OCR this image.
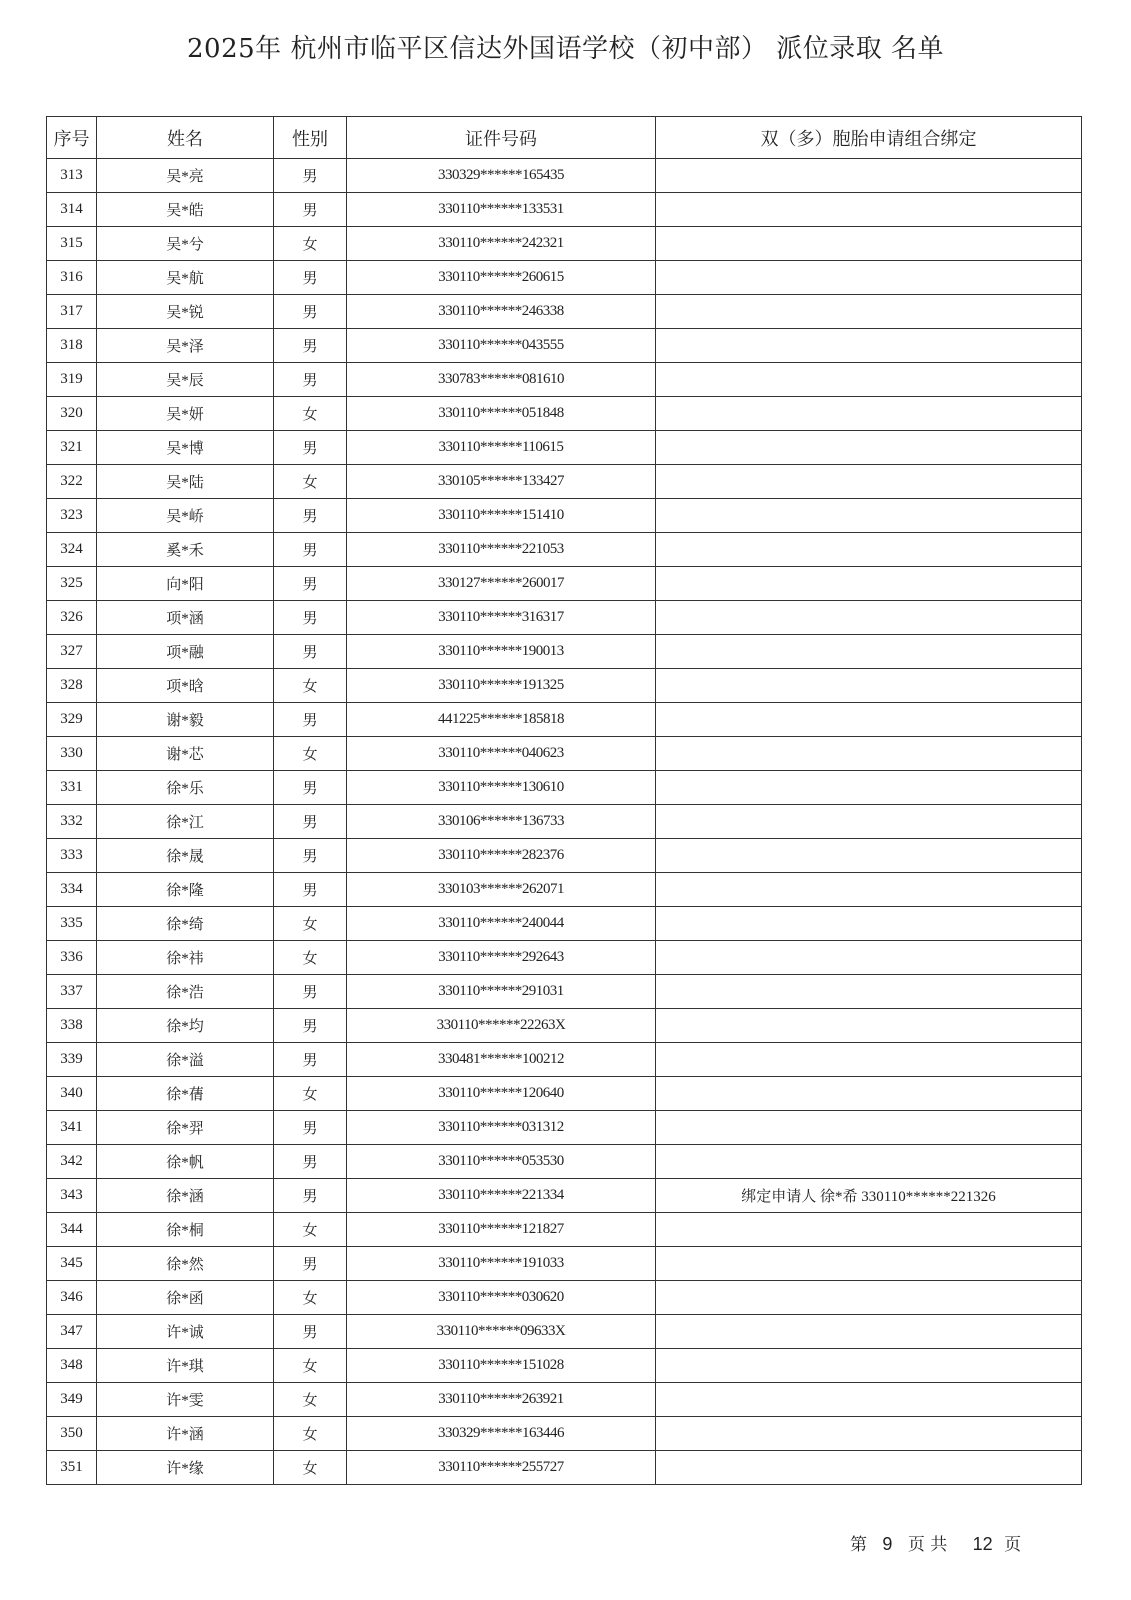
2025年 杭州市临平区信达外国语学校（初中部） 派位录取 名单
序号	姓名	性别	证件号码	双（多）胞胎申请组合绑定
313	吴*亮	男	330329******165435	
314	吴*皓	男	330110******133531	
315	吴*兮	女	330110******242321	
316	吴*航	男	330110******260615	
317	吴*锐	男	330110******246338	
318	吴*泽	男	330110******043555	
319	吴*辰	男	330783******081610	
320	吴*妍	女	330110******051848	
321	吴*博	男	330110******110615	
322	吴*陆	女	330105******133427	
323	吴*峤	男	330110******151410	
324	奚*禾	男	330110******221053	
325	向*阳	男	330127******260017	
326	项*涵	男	330110******316317	
327	项*融	男	330110******190013	
328	项*晗	女	330110******191325	
329	谢*毅	男	441225******185818	
330	谢*芯	女	330110******040623	
331	徐*乐	男	330110******130610	
332	徐*江	男	330106******136733	
333	徐*晟	男	330110******282376	
334	徐*隆	男	330103******262071	
335	徐*绮	女	330110******240044	
336	徐*祎	女	330110******292643	
337	徐*浩	男	330110******291031	
338	徐*均	男	330110******22263X	
339	徐*溢	男	330481******100212	
340	徐*蒨	女	330110******120640	
341	徐*羿	男	330110******031312	
342	徐*帆	男	330110******053530	
343	徐*涵	男	330110******221334	绑定申请人 徐*希 330110******221326
344	徐*桐	女	330110******121827	
345	徐*然	男	330110******191033	
346	徐*函	女	330110******030620	
347	许*诚	男	330110******09633X	
348	许*琪	女	330110******151028	
349	许*雯	女	330110******263921	
350	许*涵	女	330329******163446	
351	许*缘	女	330110******255727	
第 9 页 共 12 页
